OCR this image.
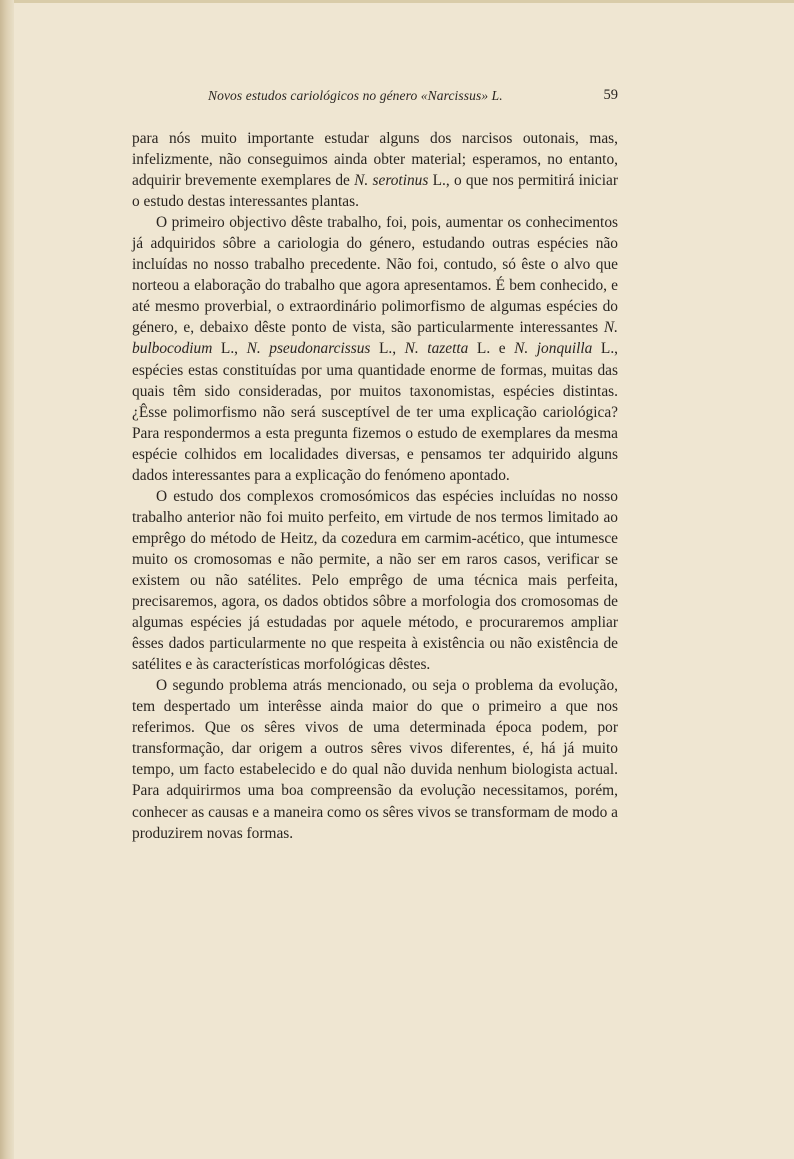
Novos estudos cariológicos no género «Narcissus» L.	59

para nós muito importante estudar alguns dos narcisos outonais, mas, infelizmente, não conseguimos ainda obter material; esperamos, no entanto, adquirir brevemente exemplares de N. serotinus L., o que nos permitirá iniciar o estudo destas interessantes plantas.

O primeiro objectivo dêste trabalho, foi, pois, aumentar os conhecimentos já adquiridos sôbre a cariologia do género, estudando outras espécies não incluídas no nosso trabalho precedente. Não foi, contudo, só êste o alvo que norteou a elaboração do trabalho que agora apresentamos. É bem conhecido, e até mesmo proverbial, o extraordinário polimorfismo de algumas espécies do género, e, debaixo dêste ponto de vista, são particularmente interessantes N. bulbocodium L., N. pseudonarcissus L., N. tazetta L. e N. jonquilla L., espécies estas constituídas por uma quantidade enorme de formas, muitas das quais têm sido consideradas, por muitos taxonomistas, espécies distintas. ¿Êsse polimorfismo não será susceptível de ter uma explicação cariológica? Para respondermos a esta pregunta fizemos o estudo de exemplares da mesma espécie colhidos em localidades diversas, e pensamos ter adquirido alguns dados interessantes para a explicação do fenómeno apontado.

O estudo dos complexos cromosómicos das espécies incluídas no nosso trabalho anterior não foi muito perfeito, em virtude de nos termos limitado ao emprêgo do método de Heitz, da cozedura em carmim-acético, que intumesce muito os cromosomas e não permite, a não ser em raros casos, verificar se existem ou não satélites. Pelo emprêgo de uma técnica mais perfeita, precisaremos, agora, os dados obtidos sôbre a morfologia dos cromosomas de algumas espécies já estudadas por aquele método, e procuraremos ampliar êsses dados particularmente no que respeita à existência ou não existência de satélites e às características morfológicas dêstes.

O segundo problema atrás mencionado, ou seja o problema da evolução, tem despertado um interêsse ainda maior do que o primeiro a que nos referimos. Que os sêres vivos de uma determinada época podem, por transformação, dar origem a outros sêres vivos diferentes, é, há já muito tempo, um facto estabelecido e do qual não duvida nenhum biologista actual. Para adquirirmos uma boa compreensão da evolução necessitamos, porém, conhecer as causas e a maneira como os sêres vivos se transformam de modo a produzirem novas formas.
